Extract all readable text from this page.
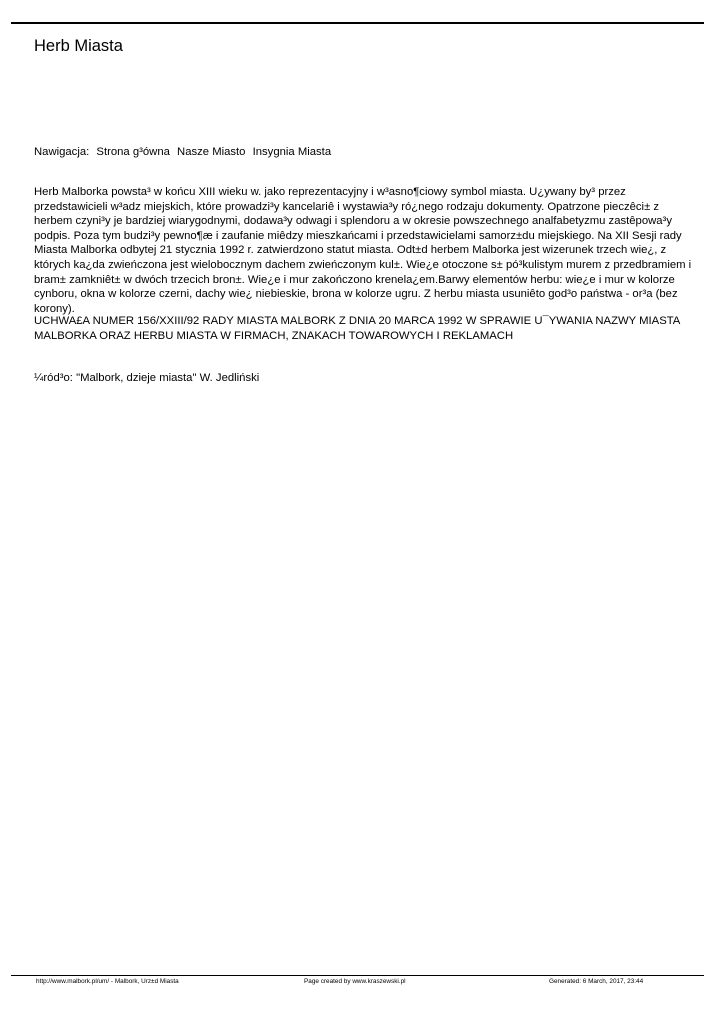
Herb Miasta
Nawigacja: Strona g³ówna Nasze Miasto Insygnia Miasta
Herb Malborka powsta³ w końcu XIII wieku w. jako reprezentacyjny i w³asno¶ciowy symbol miasta. U¿ywany by³ przez przedstawicieli w³adz miejskich, które prowadzi³y kancelariê i wystawia³y ró¿nego rodzaju dokumenty. Opatrzone pieczêci± z herbem czyni³y je bardziej wiarygodnymi, dodawa³y odwagi i splendoru a w okresie powszechnego analfabetyzmu zastêpowa³y podpis. Poza tym budzi³y pewno¶æ i zaufanie miêdzy mieszkańcami i przedstawicielami samorz±du miejskiego. Na XII Sesji rady Miasta Malborka odbytej 21 stycznia 1992 r. zatwierdzono statut miasta. Odt±d herbem Malborka jest wizerunek trzech wie¿, z których ka¿da zwieńczona jest wielobocznym dachem zwieńczonym kul±. Wie¿e otoczone s± pó³kulistym murem z przedbramiem i bram± zamkniêt± w dwóch trzecich bron±. Wie¿e i mur zakończono krenela¿em.Barwy elementów herbu: wie¿e i mur w kolorze cynboru, okna w kolorze czerni, dachy wie¿ niebieskie, brona w kolorze ugru. Z herbu miasta usuniêto god³o państwa - or³a (bez korony).
UCHWA£A NUMER 156/XXIII/92 RADY MIASTA MALBORK Z DNIA 20 MARCA 1992 W SPRAWIE U¯YWANIA NAZWY MIASTA MALBORKA ORAZ HERBU MIASTA W FIRMACH, ZNAKACH TOWAROWYCH I REKLAMACH
¼ród³o: "Malbork, dzieje miasta" W. Jedliński
http://www.malbork.pl/um/ - Malbork, Urz±d Miasta	Page created by www.kraszewski.pl	Generated: 6 March, 2017, 23:44
